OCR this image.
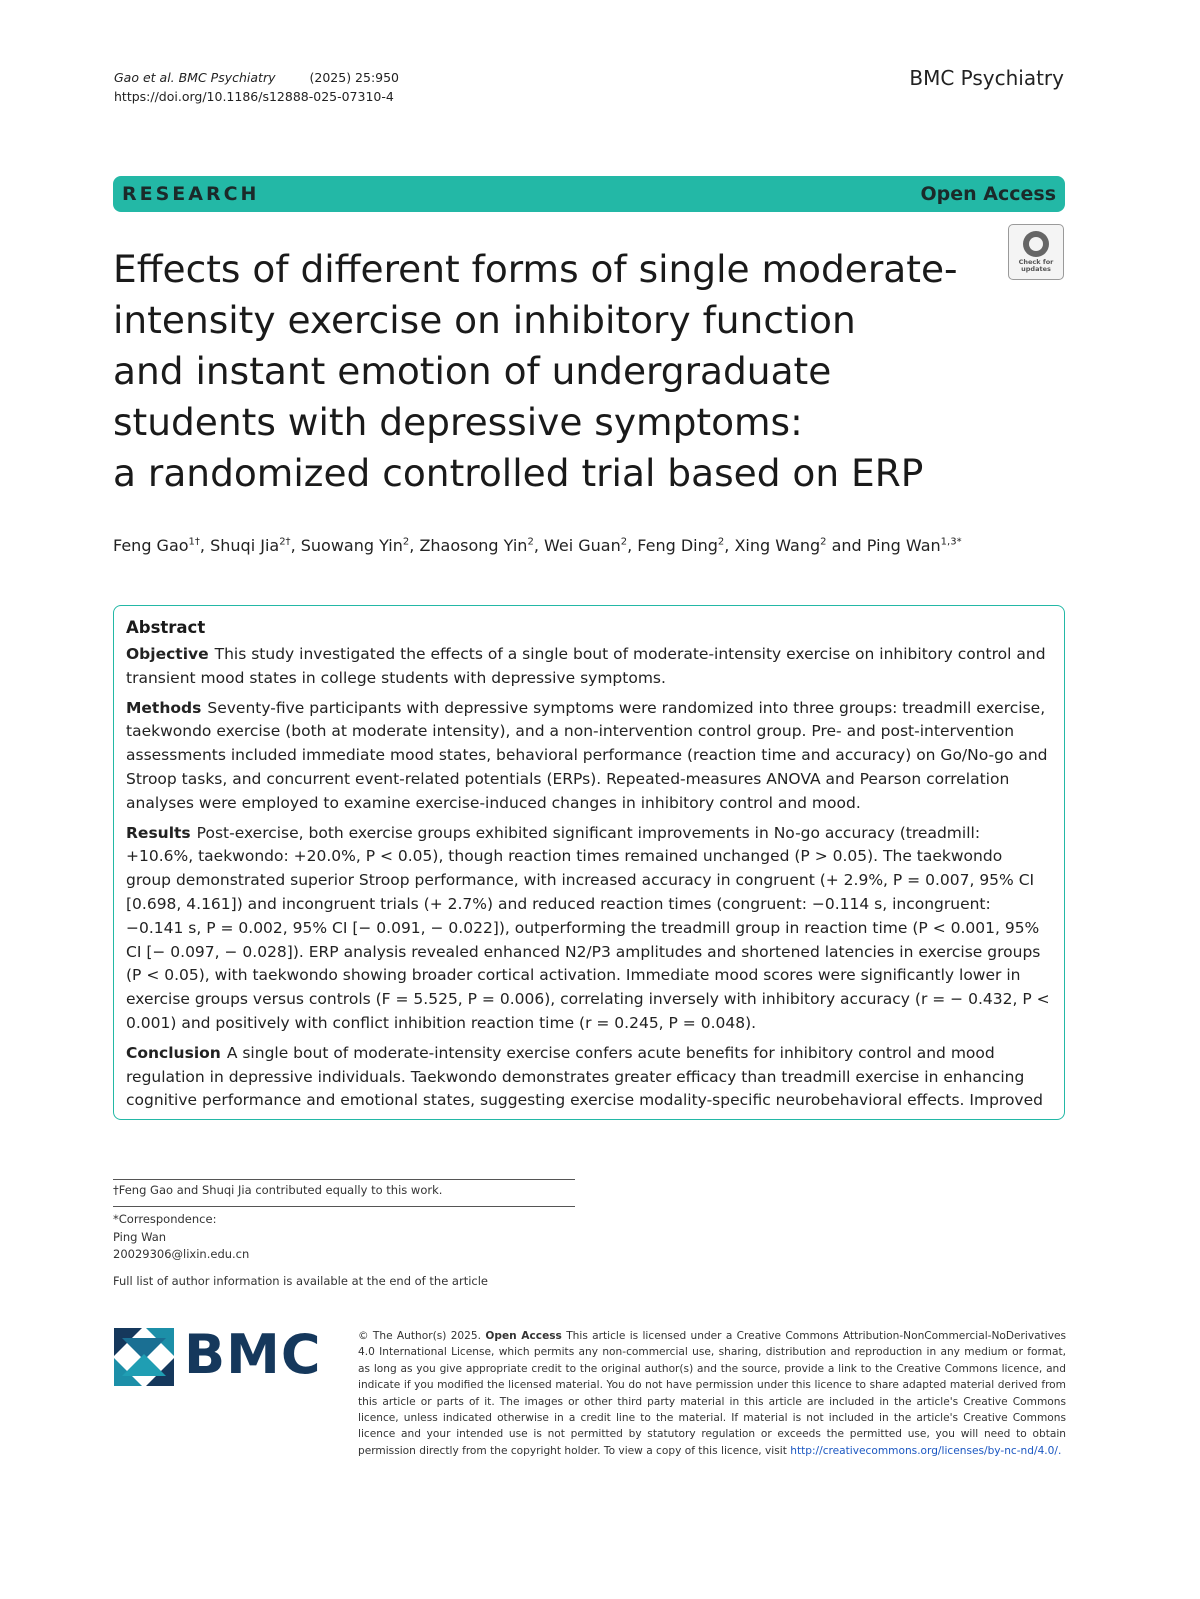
Gao et al. BMC Psychiatry	(2025) 25:950
https://doi.org/10.1186/s12888-025-07310-4
BMC Psychiatry
RESEARCH	Open Access
Check for
updates
Effects of different forms of single moderate-
intensity exercise on inhibitory function
and instant emotion of undergraduate
students with depressive symptoms:
a randomized controlled trial based on ERP
Feng Gao$^{1\dagger}$, Shuqi Jia$^{2\dagger}$, Suowang Yin$^2$, Zhaosong Yin$^2$, Wei Guan$^2$, Feng Ding$^2$, Xing Wang$^2$ and Ping Wan$^{1,3*}$
Abstract

Objective This study investigated the effects of a single bout of moderate-intensity exercise on inhibitory control and transient mood states in college students with depressive symptoms.

Methods Seventy-five participants with depressive symptoms were randomized into three groups: treadmill exercise, taekwondo exercise (both at moderate intensity), and a non-intervention control group. Pre- and post-intervention assessments included immediate mood states, behavioral performance (reaction time and accuracy) on Go/No-go and Stroop tasks, and concurrent event-related potentials (ERPs). Repeated-measures ANOVA and Pearson correlation analyses were employed to examine exercise-induced changes in inhibitory control and mood.

Results Post-exercise, both exercise groups exhibited significant improvements in No-go accuracy (treadmill: +10.6%, taekwondo: +20.0%, P < 0.05), though reaction times remained unchanged (P > 0.05). The taekwondo group demonstrated superior Stroop performance, with increased accuracy in congruent (+ 2.9%, P = 0.007, 95% CI [0.698, 4.161]) and incongruent trials (+ 2.7%) and reduced reaction times (congruent: −0.114 s, incongruent: −0.141 s, P = 0.002, 95% CI [− 0.091, − 0.022]), outperforming the treadmill group in reaction time (P < 0.001, 95% CI [− 0.097, − 0.028]). ERP analysis revealed enhanced N2/P3 amplitudes and shortened latencies in exercise groups (P < 0.05), with taekwondo showing broader cortical activation. Immediate mood scores were significantly lower in exercise groups versus controls (F = 5.525, P = 0.006), correlating inversely with inhibitory accuracy (r = − 0.432, P < 0.001) and positively with conflict inhibition reaction time (r = 0.245, P = 0.048).

Conclusion A single bout of moderate-intensity exercise confers acute benefits for inhibitory control and mood regulation in depressive individuals. Taekwondo demonstrates greater efficacy than treadmill exercise in enhancing cognitive performance and emotional states, suggesting exercise modality-specific neurobehavioral effects. Improved

†Feng Gao and Shuqi Jia contributed equally to this work.
*Correspondence:
Ping Wan
20029306@lixin.edu.cn
Full list of author information is available at the end of the article
BMC	© The Author(s) 2025. Open Access This article is licensed under a Creative Commons Attribution-NonCommercial-NoDerivatives 4.0 International License, which permits any non-commercial use, sharing, distribution and reproduction in any medium or format, as long as you give appropriate credit to the original author(s) and the source, provide a link to the Creative Commons licence, and indicate if you modified the licensed material. You do not have permission under this licence to share adapted material derived from this article or parts of it. The images or other third party material in this article are included in the article's Creative Commons licence, unless indicated otherwise in a credit line to the material. If material is not included in the article's Creative Commons licence and your intended use is not permitted by statutory regulation or exceeds the permitted use, you will need to obtain permission directly from the copyright holder. To view a copy of this licence, visit http://creativecommons.org/licenses/by-nc-nd/4.0/.
